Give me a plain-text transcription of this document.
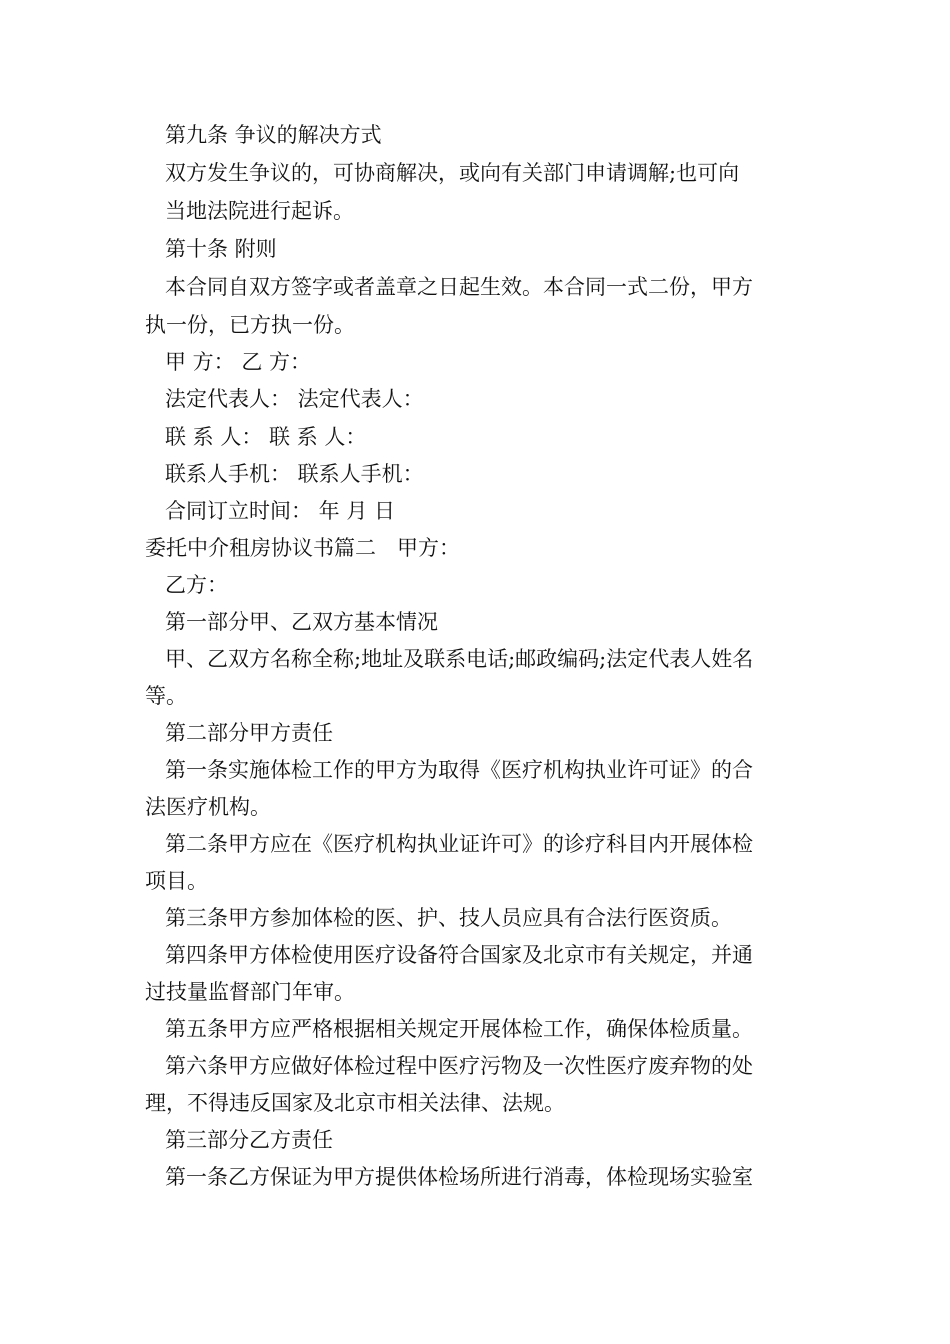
第九条 争议的解决方式
双方发生争议的，可协商解决，或向有关部门申请调解;也可向
当地法院进行起诉。
第十条 附则
本合同自双方签字或者盖章之日起生效。本合同一式二份，甲方
执一份，已方执一份。
甲 方： 乙 方：
法定代表人： 法定代表人：
联 系 人： 联 系 人：
联系人手机： 联系人手机：
合同订立时间： 年 月 日
委托中介租房协议书篇二　甲方：
乙方：
第一部分甲、乙双方基本情况
甲、乙双方名称全称;地址及联系电话;邮政编码;法定代表人姓名
等。
第二部分甲方责任
第一条实施体检工作的甲方为取得《医疗机构执业许可证》的合
法医疗机构。
第二条甲方应在《医疗机构执业证许可》的诊疗科目内开展体检
项目。
第三条甲方参加体检的医、护、技人员应具有合法行医资质。
第四条甲方体检使用医疗设备符合国家及北京市有关规定，并通
过技量监督部门年审。
第五条甲方应严格根据相关规定开展体检工作，确保体检质量。
第六条甲方应做好体检过程中医疗污物及一次性医疗废弃物的处
理，不得违反国家及北京市相关法律、法规。
第三部分乙方责任
第一条乙方保证为甲方提供体检场所进行消毒，体检现场实验室
